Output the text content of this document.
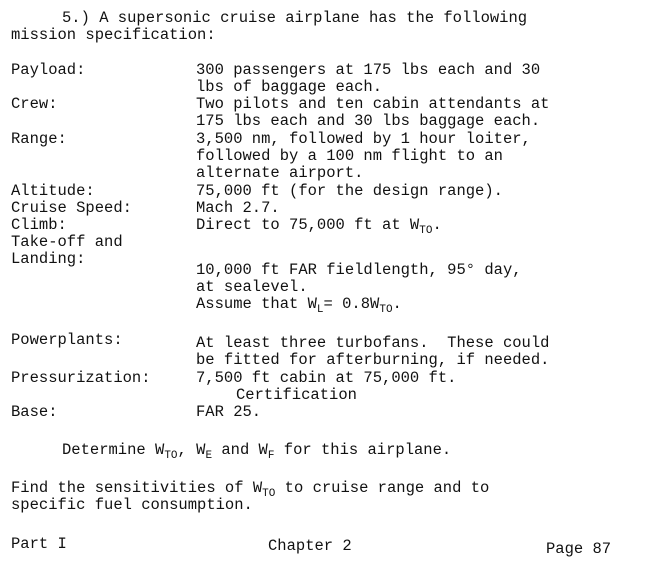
5.) A supersonic cruise airplane has the following
mission specification:
Payload:	300 passengers at 175 lbs each and 30
lbs of baggage each.
Crew:	Two pilots and ten cabin attendants at
175 lbs each and 30 lbs baggage each.
Range:	3,500 nm, followed by 1 hour loiter,
followed by a 100 nm flight to an
alternate airport.
Altitude:	75,000 ft (for the design range).
Cruise Speed:	Mach 2.7.
Climb:	Direct to 75,000 ft at $W_{TO}$.
Take-off and
Landing:
10,000 ft FAR fieldlength, 95° day,
at sealevel.
Assume that $W_L= 0.8W_{TO}$.
Powerplants:	At least three turbofans.  These could
be fitted for afterburning, if needed.
Pressurization:	7,500 ft cabin at 75,000 ft.
Certification
Base:	FAR 25.
Determine $W_{TO}$, $W_E$ and $W_F$ for this airplane.
Find the sensitivities of $W_{TO}$ to cruise range and to
specific fuel consumption.
Part I	Chapter 2	Page 87
